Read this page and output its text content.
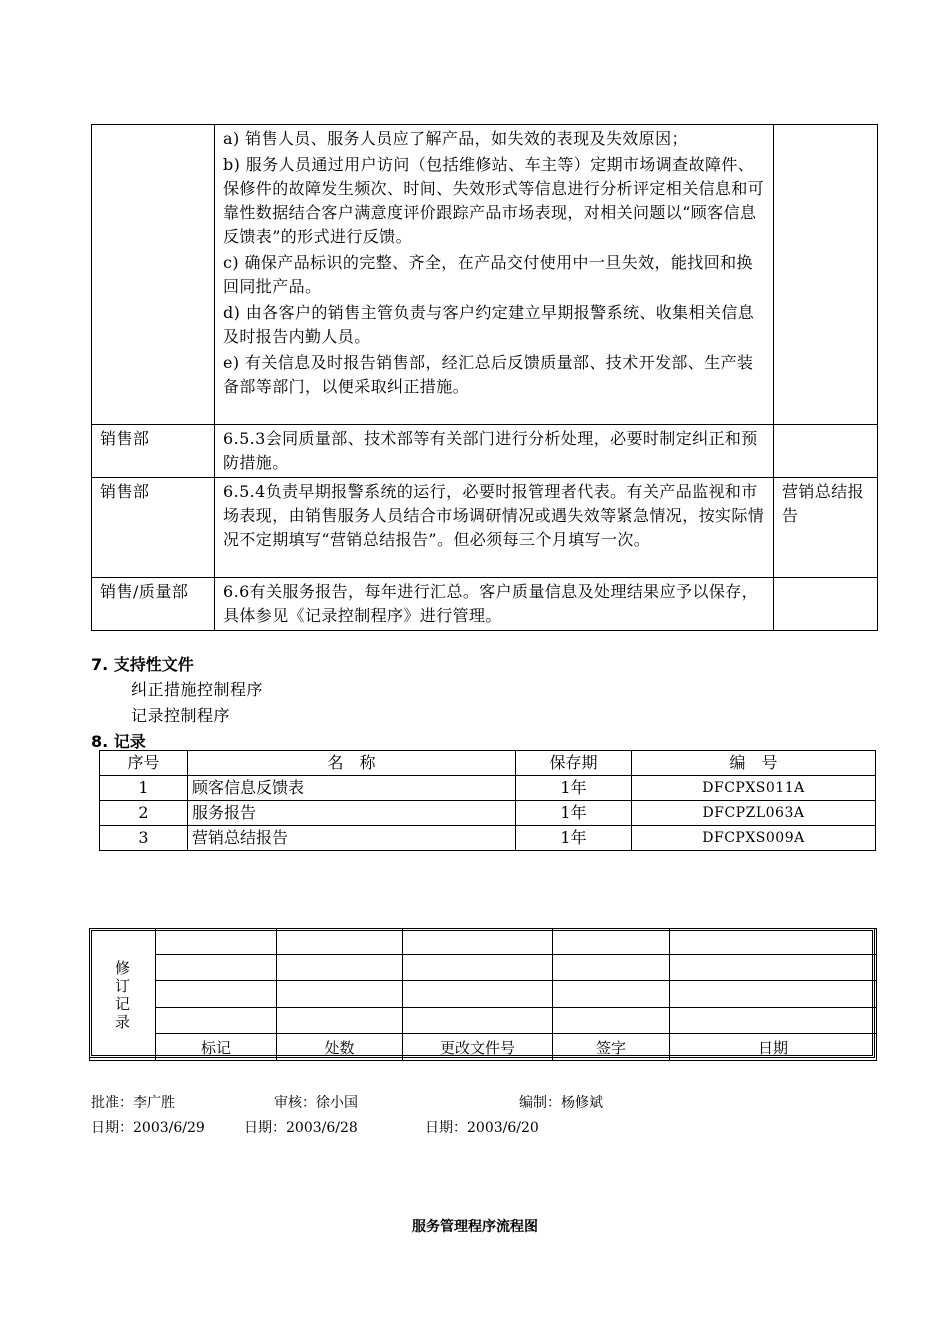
	a) 销售人员、服务人员应了解产品，如失效的表现及失效原因；
b) 服务人员通过用户访问（包括维修站、车主等）定期市场调查故障件、保修件的故障发生频次、时间、失效形式等信息进行分析评定相关信息和可靠性数据结合客户满意度评价跟踪产品市场表现，对相关问题以“顾客信息反馈表”的形式进行反馈。
c) 确保产品标识的完整、齐全，在产品交付使用中一旦失效，能找回和换回同批产品。
d) 由各客户的销售主管负责与客户约定建立早期报警系统、收集相关信息及时报告内勤人员。
e) 有关信息及时报告销售部，经汇总后反馈质量部、技术开发部、生产装备部等部门，以便采取纠正措施。	

销售部	6.5.3会同质量部、技术部等有关部门进行分析处理，必要时制定纠正和预防措施。	
销售部	6.5.4负责早期报警系统的运行，必要时报管理者代表。有关产品监视和市场表现，由销售服务人员结合市场调研情况或遇失效等紧急情况，按实际情况不定期填写“营销总结报告”。但必须每三个月填写一次。	营销总结报告
销售/质量部	6.6有关服务报告，每年进行汇总。客户质量信息及处理结果应予以保存，具体参见《记录控制程序》进行管理。	
7. 支持性文件
纠正措施控制程序
记录控制程序
8. 记录
序号	名　称	保存期	编　号
1	顾客信息反馈表	1年	DFCPXS011A
2	服务报告	1年	DFCPZL063A
3	营销总结报告	1年	DFCPXS009A
修
订
记
录					

	标记	处数	更改文件号	签字	日期
批准：李广胜	审核：徐小国	编制：杨修斌
日期：2003/6/29	日期：2003/6/28	日期：2003/6/20
服务管理程序流程图
